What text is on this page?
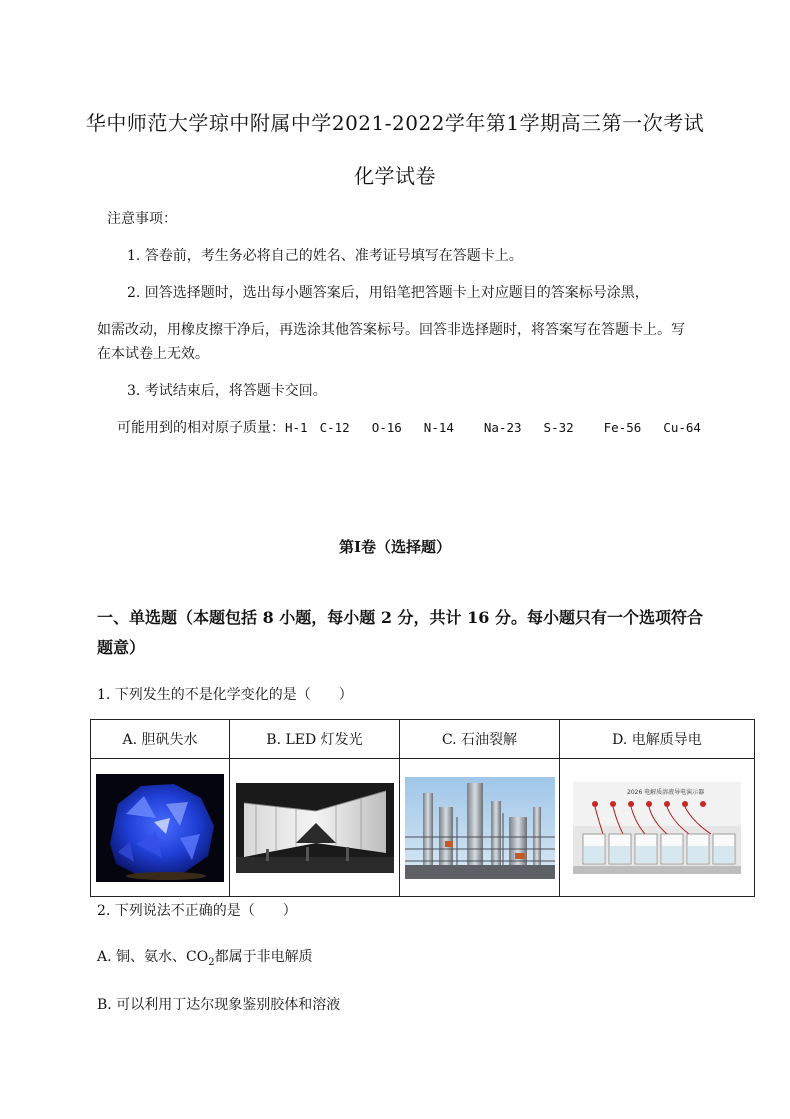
华中师范大学琼中附属中学2021-2022学年第1学期高三第一次考试
化学试卷
注意事项：
1. 答卷前，考生务必将自己的姓名、准考证号填写在答题卡上。
2. 回答选择题时，选出每小题答案后，用铅笔把答题卡上对应题目的答案标号涂黑，
如需改动，用橡皮擦干净后，再选涂其他答案标号。回答非选择题时，将答案写在答题卡上。写
在本试卷上无效。
3. 考试结束后，将答题卡交回。
可能用到的相对原子质量：H-1 C-12 O-16 N-14 Na-23 S-32 Fe-56 Cu-64
第Ⅰ卷（选择题）
一、单选题（本题包括 8 小题，每小题 2 分，共计 16 分。每小题只有一个选项符合题意）
1. 下列发生的不是化学变化的是（　　）
A. 胆矾失水	B. LED 灯发光	C. 石油裂解	D. 电解质导电

2026 电解质溶液导电演示器
2. 下列说法不正确的是（　　）
A. 铜、氨水、$CO_2$都属于非电解质
B. 可以利用丁达尔现象鉴别胶体和溶液
